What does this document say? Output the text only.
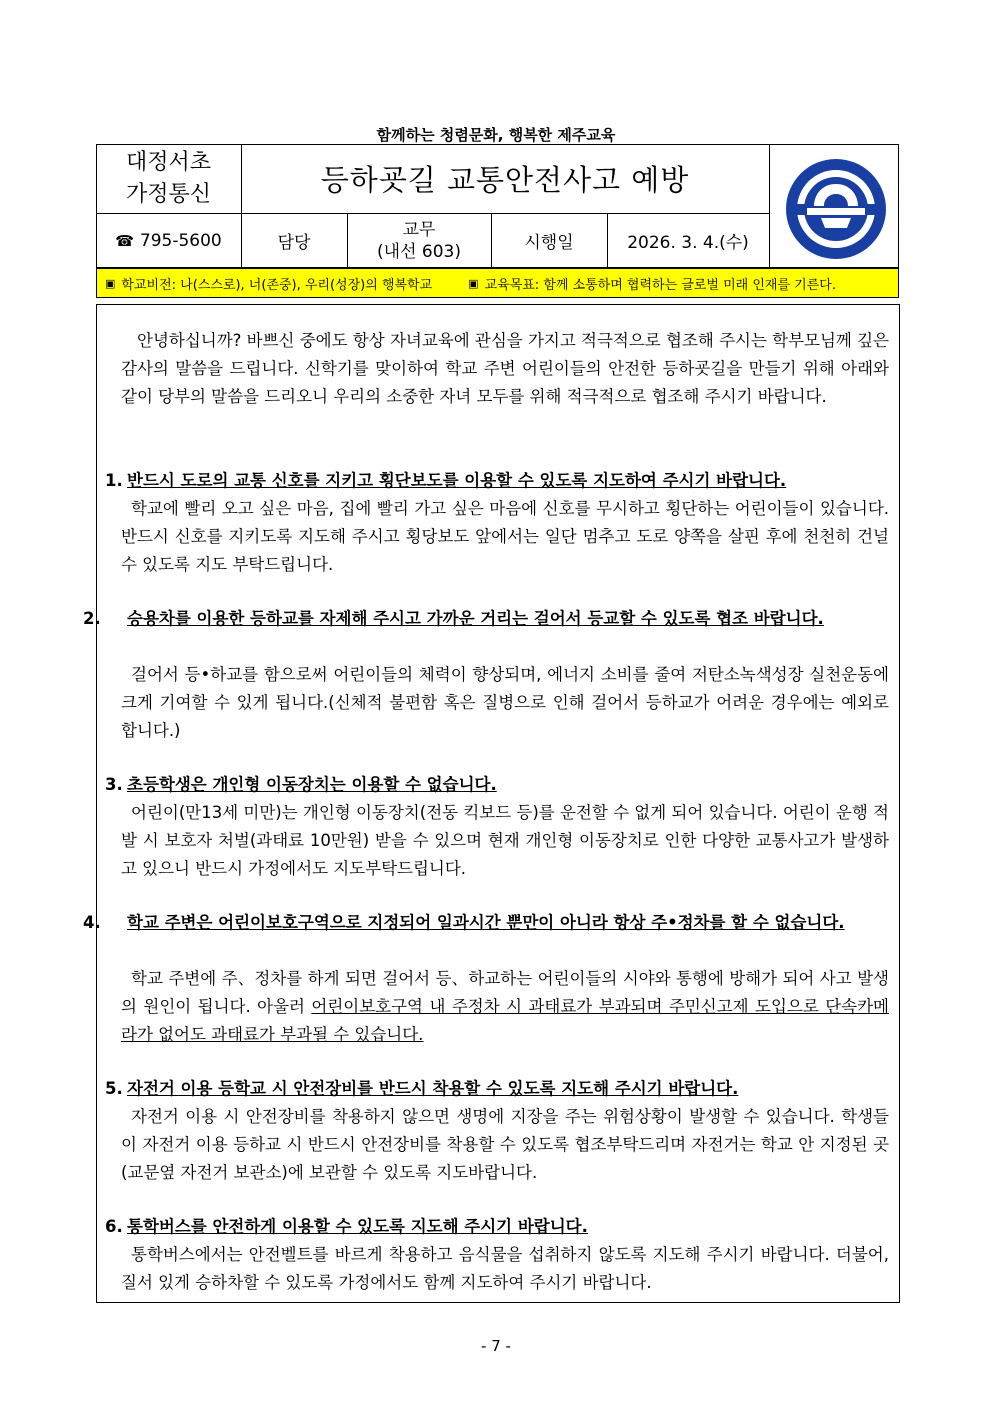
함께하는 청렴문화, 행복한 제주교육
대정서초
가정통신	등하굣길 교통안전사고 예방
☎ 795-5600	담당
교무
(내선 603)	시행일	2026. 3. 4.(수)
▣ 학교비전: 나(스스로), 너(존중), 우리(성장)의 행복학교	▣ 교육목표: 함께 소통하며 협력하는 글로벌 미래 인재를 기른다.
안녕하십니까? 바쁘신 중에도 항상 자녀교육에 관심을 가지고 적극적으로 협조해 주시는 학부모님께 깊은 감사의 말씀을 드립니다. 신학기를 맞이하여 학교 주변 어린이들의 안전한 등하굣길을 만들기 위해 아래와 같이 당부의 말씀을 드리오니 우리의 소중한 자녀 모두를 위해 적극적으로 협조해 주시기 바랍니다.
1. 반드시 도로의 교통 신호를 지키고 횡단보도를 이용할 수 있도록 지도하여 주시기 바랍니다.
학교에 빨리 오고 싶은 마음, 집에 빨리 가고 싶은 마음에 신호를 무시하고 횡단하는 어린이들이 있습니다. 반드시 신호를 지키도록 지도해 주시고 횡당보도 앞에서는 일단 멈추고 도로 양쪽을 살핀 후에 천천히 건널 수 있도록 지도 부탁드립니다.
2. 승용차를 이용한 등하교를 자제해 주시고 가까운 거리는 걸어서 등교할 수 있도록 협조 바랍니다.
걸어서 등•하교를 함으로써 어린이들의 체력이 향상되며, 에너지 소비를 줄여 저탄소녹색성장 실천운동에 크게 기여할 수 있게 됩니다.(신체적 불편함 혹은 질병으로 인해 걸어서 등하교가 어려운 경우에는 예외로 합니다.)
3. 초등학생은 개인형 이동장치는 이용할 수 없습니다.
어린이(만13세 미만)는 개인형 이동장치(전동 킥보드 등)를 운전할 수 없게 되어 있습니다. 어린이 운행 적발 시 보호자 처벌(과태료 10만원) 받을 수 있으며 현재 개인형 이동장치로 인한 다양한 교통사고가 발생하고 있으니 반드시 가정에서도 지도부탁드립니다.
4. 학교 주변은 어린이보호구역으로 지정되어 일과시간 뿐만이 아니라 항상 주•정차를 할 수 없습니다.
학교 주변에 주、정차를 하게 되면 걸어서 등、하교하는 어린이들의 시야와 통행에 방해가 되어 사고 발생의 원인이 됩니다. 아울러 어린이보호구역 내 주정차 시 과태료가 부과되며 주민신고제 도입으로 단속카메라가 없어도 과태료가 부과될 수 있습니다.
5. 자전거 이용 등학교 시 안전장비를 반드시 착용할 수 있도록 지도해 주시기 바랍니다.
자전거 이용 시 안전장비를 착용하지 않으면 생명에 지장을 주는 위험상황이 발생할 수 있습니다. 학생들이 자전거 이용 등하교 시 반드시 안전장비를 착용할 수 있도록 협조부탁드리며 자전거는 학교 안 지정된 곳(교문옆 자전거 보관소)에 보관할 수 있도록 지도바랍니다.
6. 통학버스를 안전하게 이용할 수 있도록 지도해 주시기 바랍니다.
통학버스에서는 안전벨트를 바르게 착용하고 음식물을 섭취하지 않도록 지도해 주시기 바랍니다. 더불어, 질서 있게 승하차할 수 있도록 가정에서도 함께 지도하여 주시기 바랍니다.
- 7 -
